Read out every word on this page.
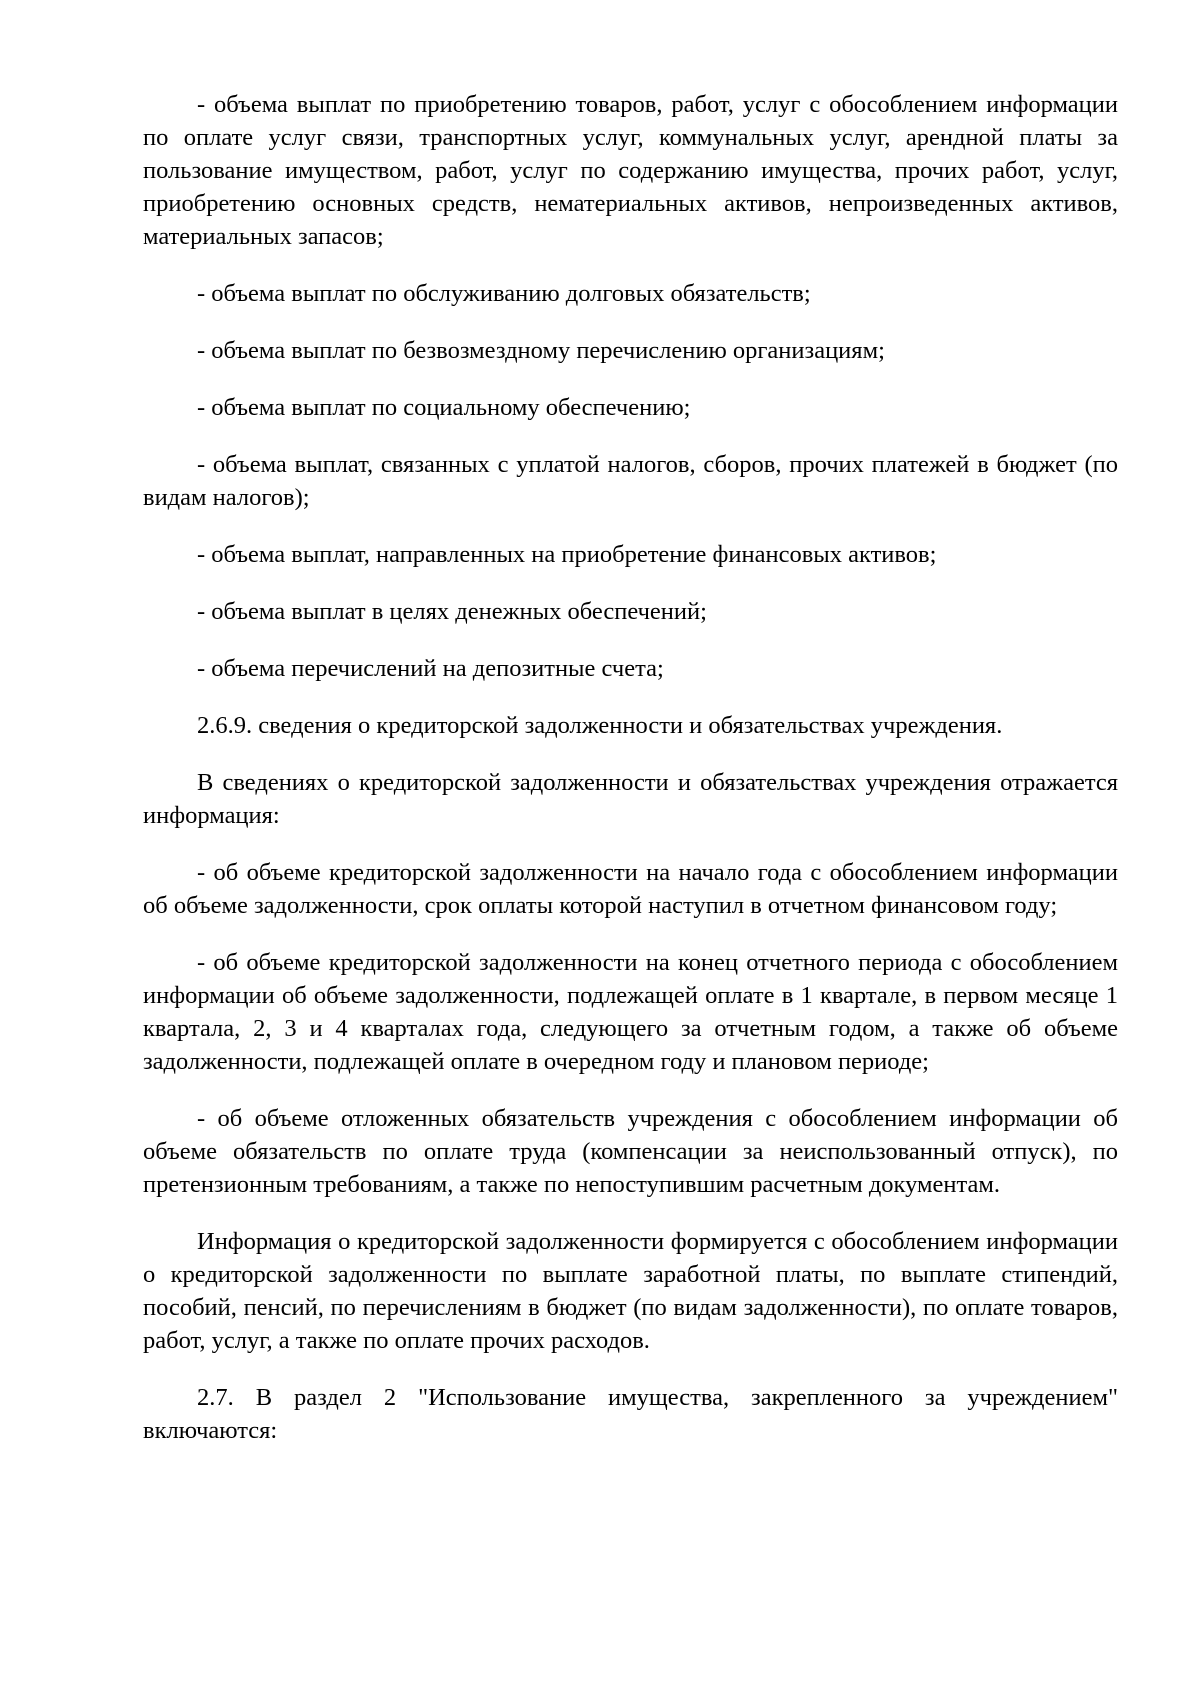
- объема выплат по приобретению товаров, работ, услуг с обособлением информации по оплате услуг связи, транспортных услуг, коммунальных услуг, арендной платы за пользование имуществом, работ, услуг по содержанию имущества, прочих работ, услуг, приобретению основных средств, нематериальных активов, непроизведенных активов, материальных запасов;

- объема выплат по обслуживанию долговых обязательств;

- объема выплат по безвозмездному перечислению организациям;

- объема выплат по социальному обеспечению;

- объема выплат, связанных с уплатой налогов, сборов, прочих платежей в бюджет (по видам налогов);

- объема выплат, направленных на приобретение финансовых активов;

- объема выплат в целях денежных обеспечений;

- объема перечислений на депозитные счета;

2.6.9. сведения о кредиторской задолженности и обязательствах учреждения.

В сведениях о кредиторской задолженности и обязательствах учреждения отражается информация:

- об объеме кредиторской задолженности на начало года с обособлением информации об объеме задолженности, срок оплаты которой наступил в отчетном финансовом году;

- об объеме кредиторской задолженности на конец отчетного периода с обособлением информации об объеме задолженности, подлежащей оплате в 1 квартале, в первом месяце 1 квартала, 2, 3 и 4 кварталах года, следующего за отчетным годом, а также об объеме задолженности, подлежащей оплате в очередном году и плановом периоде;

- об объеме отложенных обязательств учреждения с обособлением информации об объеме обязательств по оплате труда (компенсации за неиспользованный отпуск), по претензионным требованиям, а также по непоступившим расчетным документам.

Информация о кредиторской задолженности формируется с обособлением информации о кредиторской задолженности по выплате заработной платы, по выплате стипендий, пособий, пенсий, по перечислениям в бюджет (по видам задолженности), по оплате товаров, работ, услуг, а также по оплате прочих расходов.

2.7. В раздел 2 "Использование имущества, закрепленного за учреждением" включаются:
